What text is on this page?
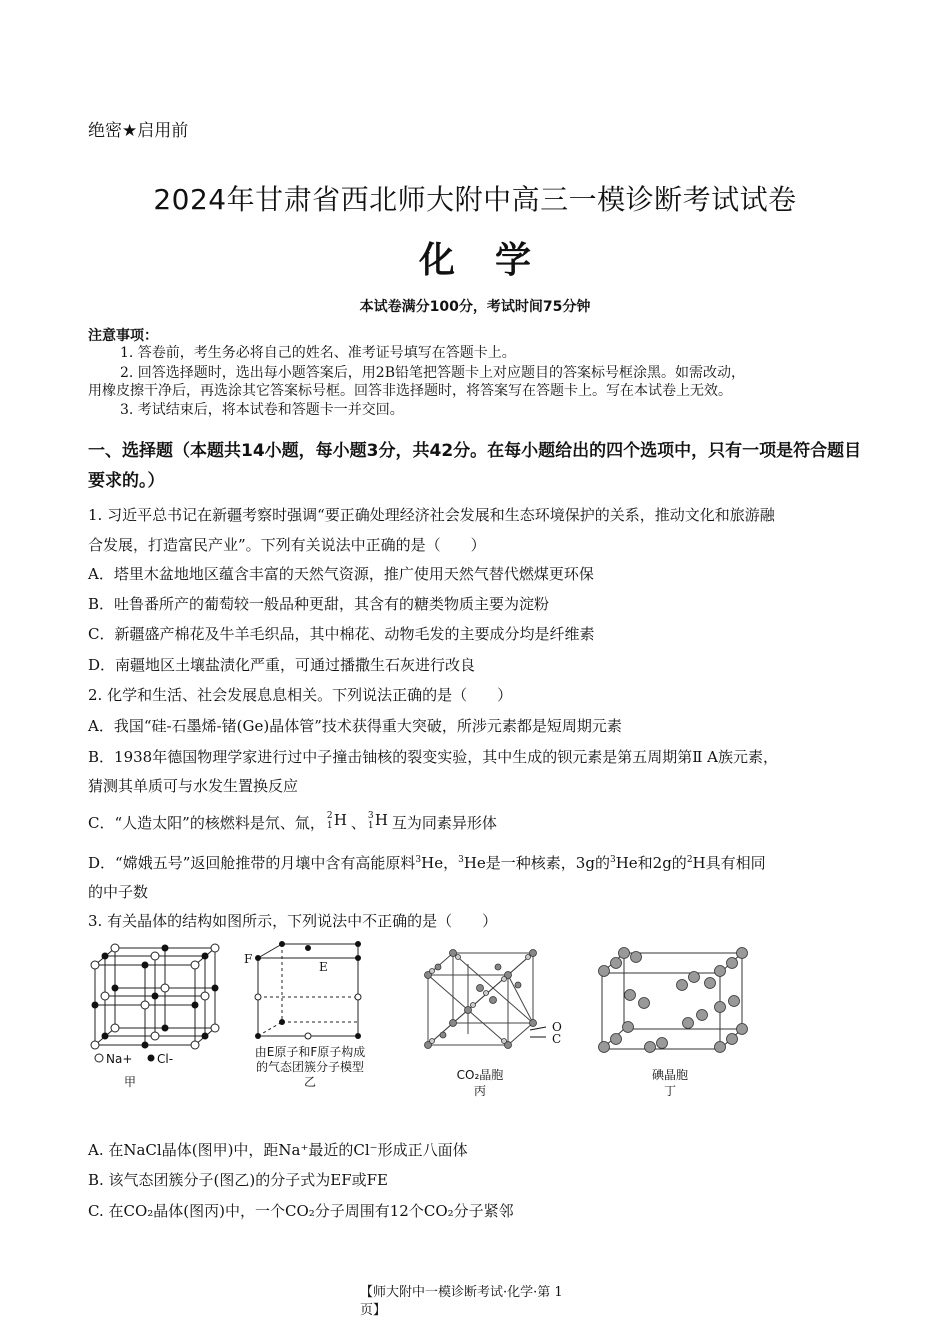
绝密★启用前
2024年甘肃省西北师大附中高三一模诊断考试试卷
化学
本试卷满分100分，考试时间75分钟
注意事项：
1. 答卷前，考生务必将自己的姓名、准考证号填写在答题卡上。
2. 回答选择题时，选出每小题答案后，用2B铅笔把答题卡上对应题目的答案标号框涂黑。如需改动，
用橡皮擦干净后，再选涂其它答案标号框。回答非选择题时，将答案写在答题卡上。写在本试卷上无效。
3. 考试结束后，将本试卷和答题卡一并交回。
一、选择题（本题共14小题，每小题3分，共42分。在每小题给出的四个选项中，只有一项是符合题目要求的。）
1. 习近平总书记在新疆考察时强调“要正确处理经济社会发展和生态环境保护的关系，推动文化和旅游融
合发展，打造富民产业”。下列有关说法中正确的是（　　）
A．塔里木盆地地区蕴含丰富的天然气资源，推广使用天然气替代燃煤更环保
B．吐鲁番所产的葡萄较一般品种更甜，其含有的糖类物质主要为淀粉
C．新疆盛产棉花及牛羊毛织品，其中棉花、动物毛发的主要成分均是纤维素
D．南疆地区土壤盐渍化严重，可通过播撒生石灰进行改良
2. 化学和生活、社会发展息息相关。下列说法正确的是（　　）
A．我国“硅-石墨烯-锗(Ge)晶体管”技术获得重大突破，所涉元素都是短周期元素
B．1938年德国物理学家进行过中子撞击铀核的裂变实验，其中生成的钡元素是第五周期第Ⅱ A族元素，
猜测其单质可与水发生置换反应
C．“人造太阳”的核燃料是氘、氚， 2
1 H 、 3
1 H 互为同素异形体
D．“嫦娥五号”返回舱推带的月壤中含有高能原料$^3$He，$^3$He是一种核素，3g的$^3$He和2g的$^2$H具有相同
的中子数
3. 有关晶体的结构如图所示，下列说法中不正确的是（　　）
Na+ Cl-
甲
F
E
由E原子和F原子构成
的气态团簇分子模型
乙
O
C
CO₂晶胞
丙
碘晶胞
丁
A. 在NaCl晶体(图甲)中，距Na⁺最近的Cl⁻形成正八面体
B. 该气态团簇分子(图乙)的分子式为EF或FE
C. 在CO₂晶体(图丙)中，一个CO₂分子周围有12个CO₂分子紧邻
【师大附中一模诊断考试·化学·第 1
页】
